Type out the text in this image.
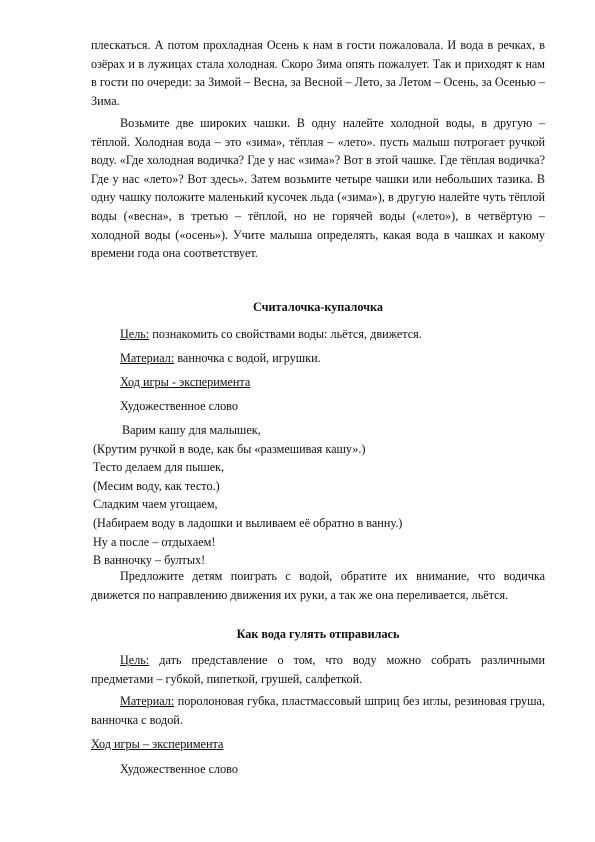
плескаться. А потом прохладная Осень к нам в гости пожаловала. И вода в речках, в озёрах и в лужицах стала холодная. Скоро Зима опять пожалует. Так и приходят к нам в гости по очереди: за Зимой – Весна, за Весной – Лето, за Летом – Осень, за Осенью – Зима.

Возьмите две широких чашки. В одну налейте холодной воды, в другую – тёплой. Холодная вода – это «зима», тёплая – «лето». пусть малыш потрогает ручкой воду. «Где холодная водичка? Где у нас «зима»? Вот в этой чашке. Где тёплая водичка? Где у нас «лето»? Вот здесь». Затем возьмите четыре чашки или небольших тазика. В одну чашку положите маленький кусочек льда («зима»), в другую налейте чуть тёплой воды («весна», в третью – тёплой, но не горячей воды («лето»), в четвёртую – холодной воды («осень»). Учите малыша определять, какая вода в чашках и какому времени года она соответствует.

Считалочка-купалочка
Цель: познакомить со свойствами воды: льётся, движется.
Материал: ванночка с водой, игрушки.
Ход игры - эксперимента
Художественное слово
Варим кашу для малышек,
(Крутим ручкой в воде, как бы «размешивая кашу».)
Тесто делаем для пышек,
(Месим воду, как тесто.)
Сладким чаем угощаем,
(Набираем воду в ладошки и выливаем её обратно в ванну.)
Ну а после – отдыхаем!
В ванночку – бултых!

Предложите детям поиграть с водой, обратите их внимание, что водичка движется по направлению движения их руки, а так же она переливается, льётся.

Как вода гулять отправилась

Цель: дать представление о том, что воду можно собрать различными предметами – губкой, пипеткой, грушей, салфеткой.

Материал: поролоновая губка, пластмассовый шприц без иглы, резиновая груша, ванночка с водой.

Ход игры – эксперимента
Художественное слово
